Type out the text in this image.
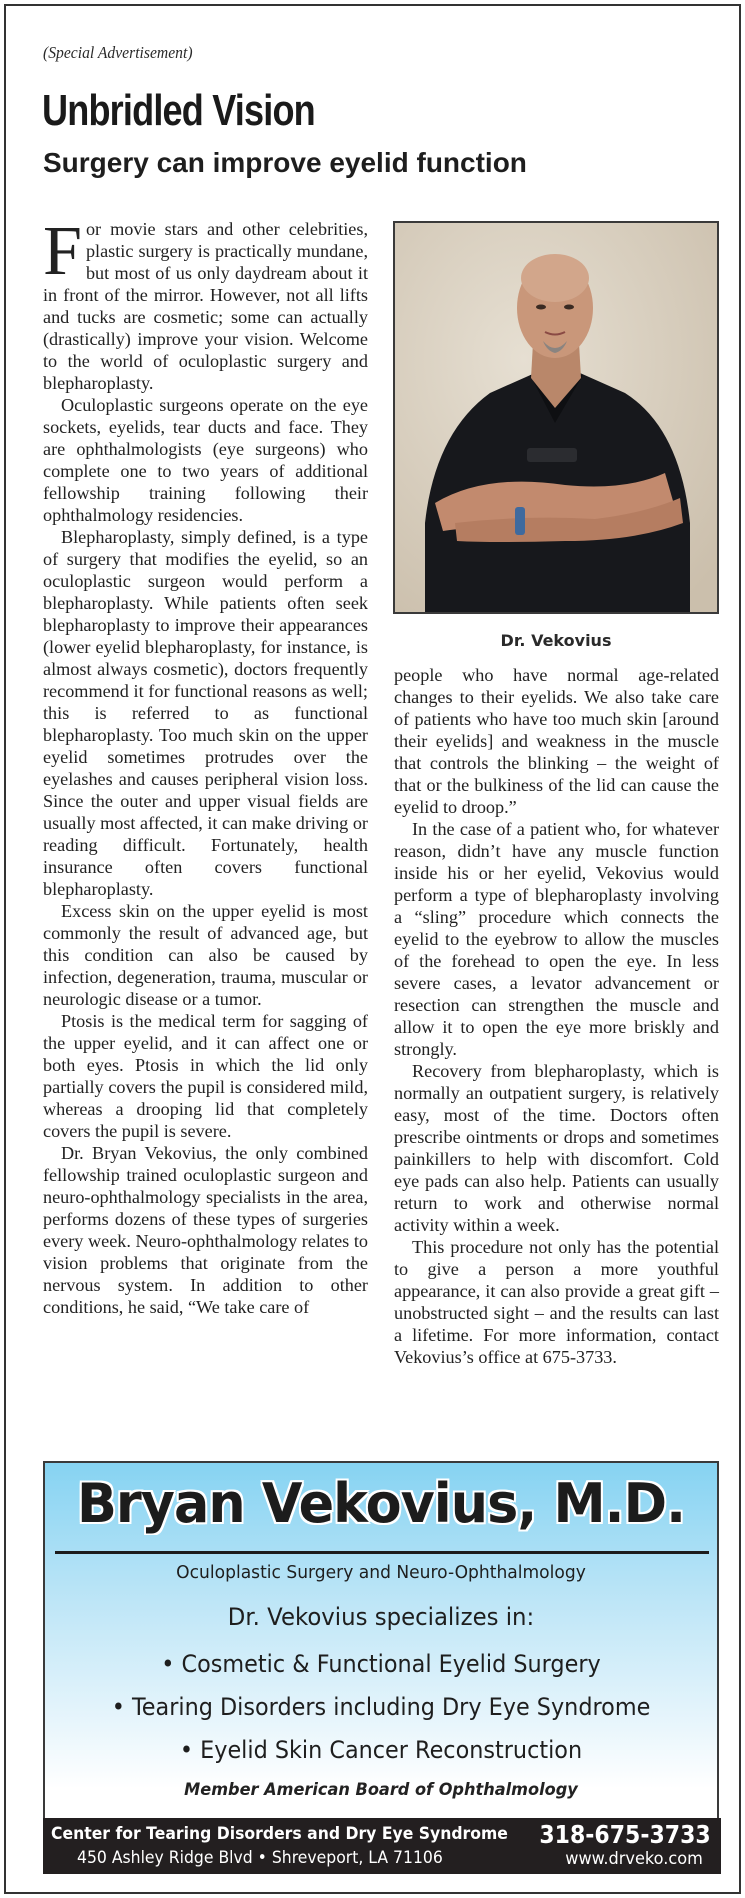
(Special Advertisement)
Unbridled Vision
Surgery can improve eyelid function

For movie stars and other celebrities, plastic surgery is practically mundane, but most of us only daydream about it in front of the mirror. However, not all lifts and tucks are cosmetic; some can actually (drastically) improve your vision. Welcome to the world of oculoplastic surgery and blepharoplasty.

Oculoplastic surgeons operate on the eye sockets, eyelids, tear ducts and face. They are ophthalmologists (eye surgeons) who complete one to two years of additional fellowship training following their ophthalmology residencies.

Blepharoplasty, simply defined, is a type of surgery that modifies the eyelid, so an oculoplastic surgeon would perform a blepharoplasty. While patients often seek blepharoplasty to improve their appearances (lower eyelid blepharoplasty, for instance, is almost always cosmetic), doctors frequently recommend it for functional reasons as well; this is referred to as functional blepharoplasty. Too much skin on the upper eyelid sometimes protrudes over the eyelashes and causes peripheral vision loss. Since the outer and upper visual fields are usually most affected, it can make driving or reading difficult. Fortunately, health insurance often covers functional blepharoplasty.

Excess skin on the upper eyelid is most commonly the result of advanced age, but this condition can also be caused by infection, degeneration, trauma, muscular or neurologic disease or a tumor.

Ptosis is the medical term for sagging of the upper eyelid, and it can affect one or both eyes. Ptosis in which the lid only partially covers the pupil is considered mild, whereas a drooping lid that completely covers the pupil is severe.

Dr. Bryan Vekovius, the only combined fellowship trained oculoplastic surgeon and neuro-ophthalmology specialists in the area, performs dozens of these types of surgeries every week. Neuro-ophthalmology relates to vision problems that originate from the nervous system. In addition to other conditions, he said, “We take care of

Dr. Vekovius

people who have normal age-related changes to their eyelids. We also take care of patients who have too much skin [around their eyelids] and weakness in the muscle that controls the blinking – the weight of that or the bulkiness of the lid can cause the eyelid to droop.”

In the case of a patient who, for whatever reason, didn’t have any muscle function inside his or her eyelid, Vekovius would perform a type of blepharoplasty involving a “sling” procedure which connects the eyelid to the eyebrow to allow the muscles of the forehead to open the eye. In less severe cases, a levator advancement or resection can strengthen the muscle and allow it to open the eye more briskly and strongly.

Recovery from blepharoplasty, which is normally an outpatient surgery, is relatively easy, most of the time. Doctors often prescribe ointments or drops and sometimes painkillers to help with discomfort. Cold eye pads can also help. Patients can usually return to work and otherwise normal activity within a week.

This procedure not only has the potential to give a person a more youthful appearance, it can also provide a great gift – unobstructed sight – and the results can last a lifetime. For more information, contact Vekovius’s office at 675-3733.

Bryan Vekovius, M.D.
Oculoplastic Surgery and Neuro-Ophthalmology
Dr. Vekovius specializes in:
• Cosmetic & Functional Eyelid Surgery
• Tearing Disorders including Dry Eye Syndrome
• Eyelid Skin Cancer Reconstruction
Member American Board of Ophthalmology
Center for Tearing Disorders and Dry Eye Syndrome
450 Ashley Ridge Blvd • Shreveport, LA 71106
318-675-3733
www.drveko.com
